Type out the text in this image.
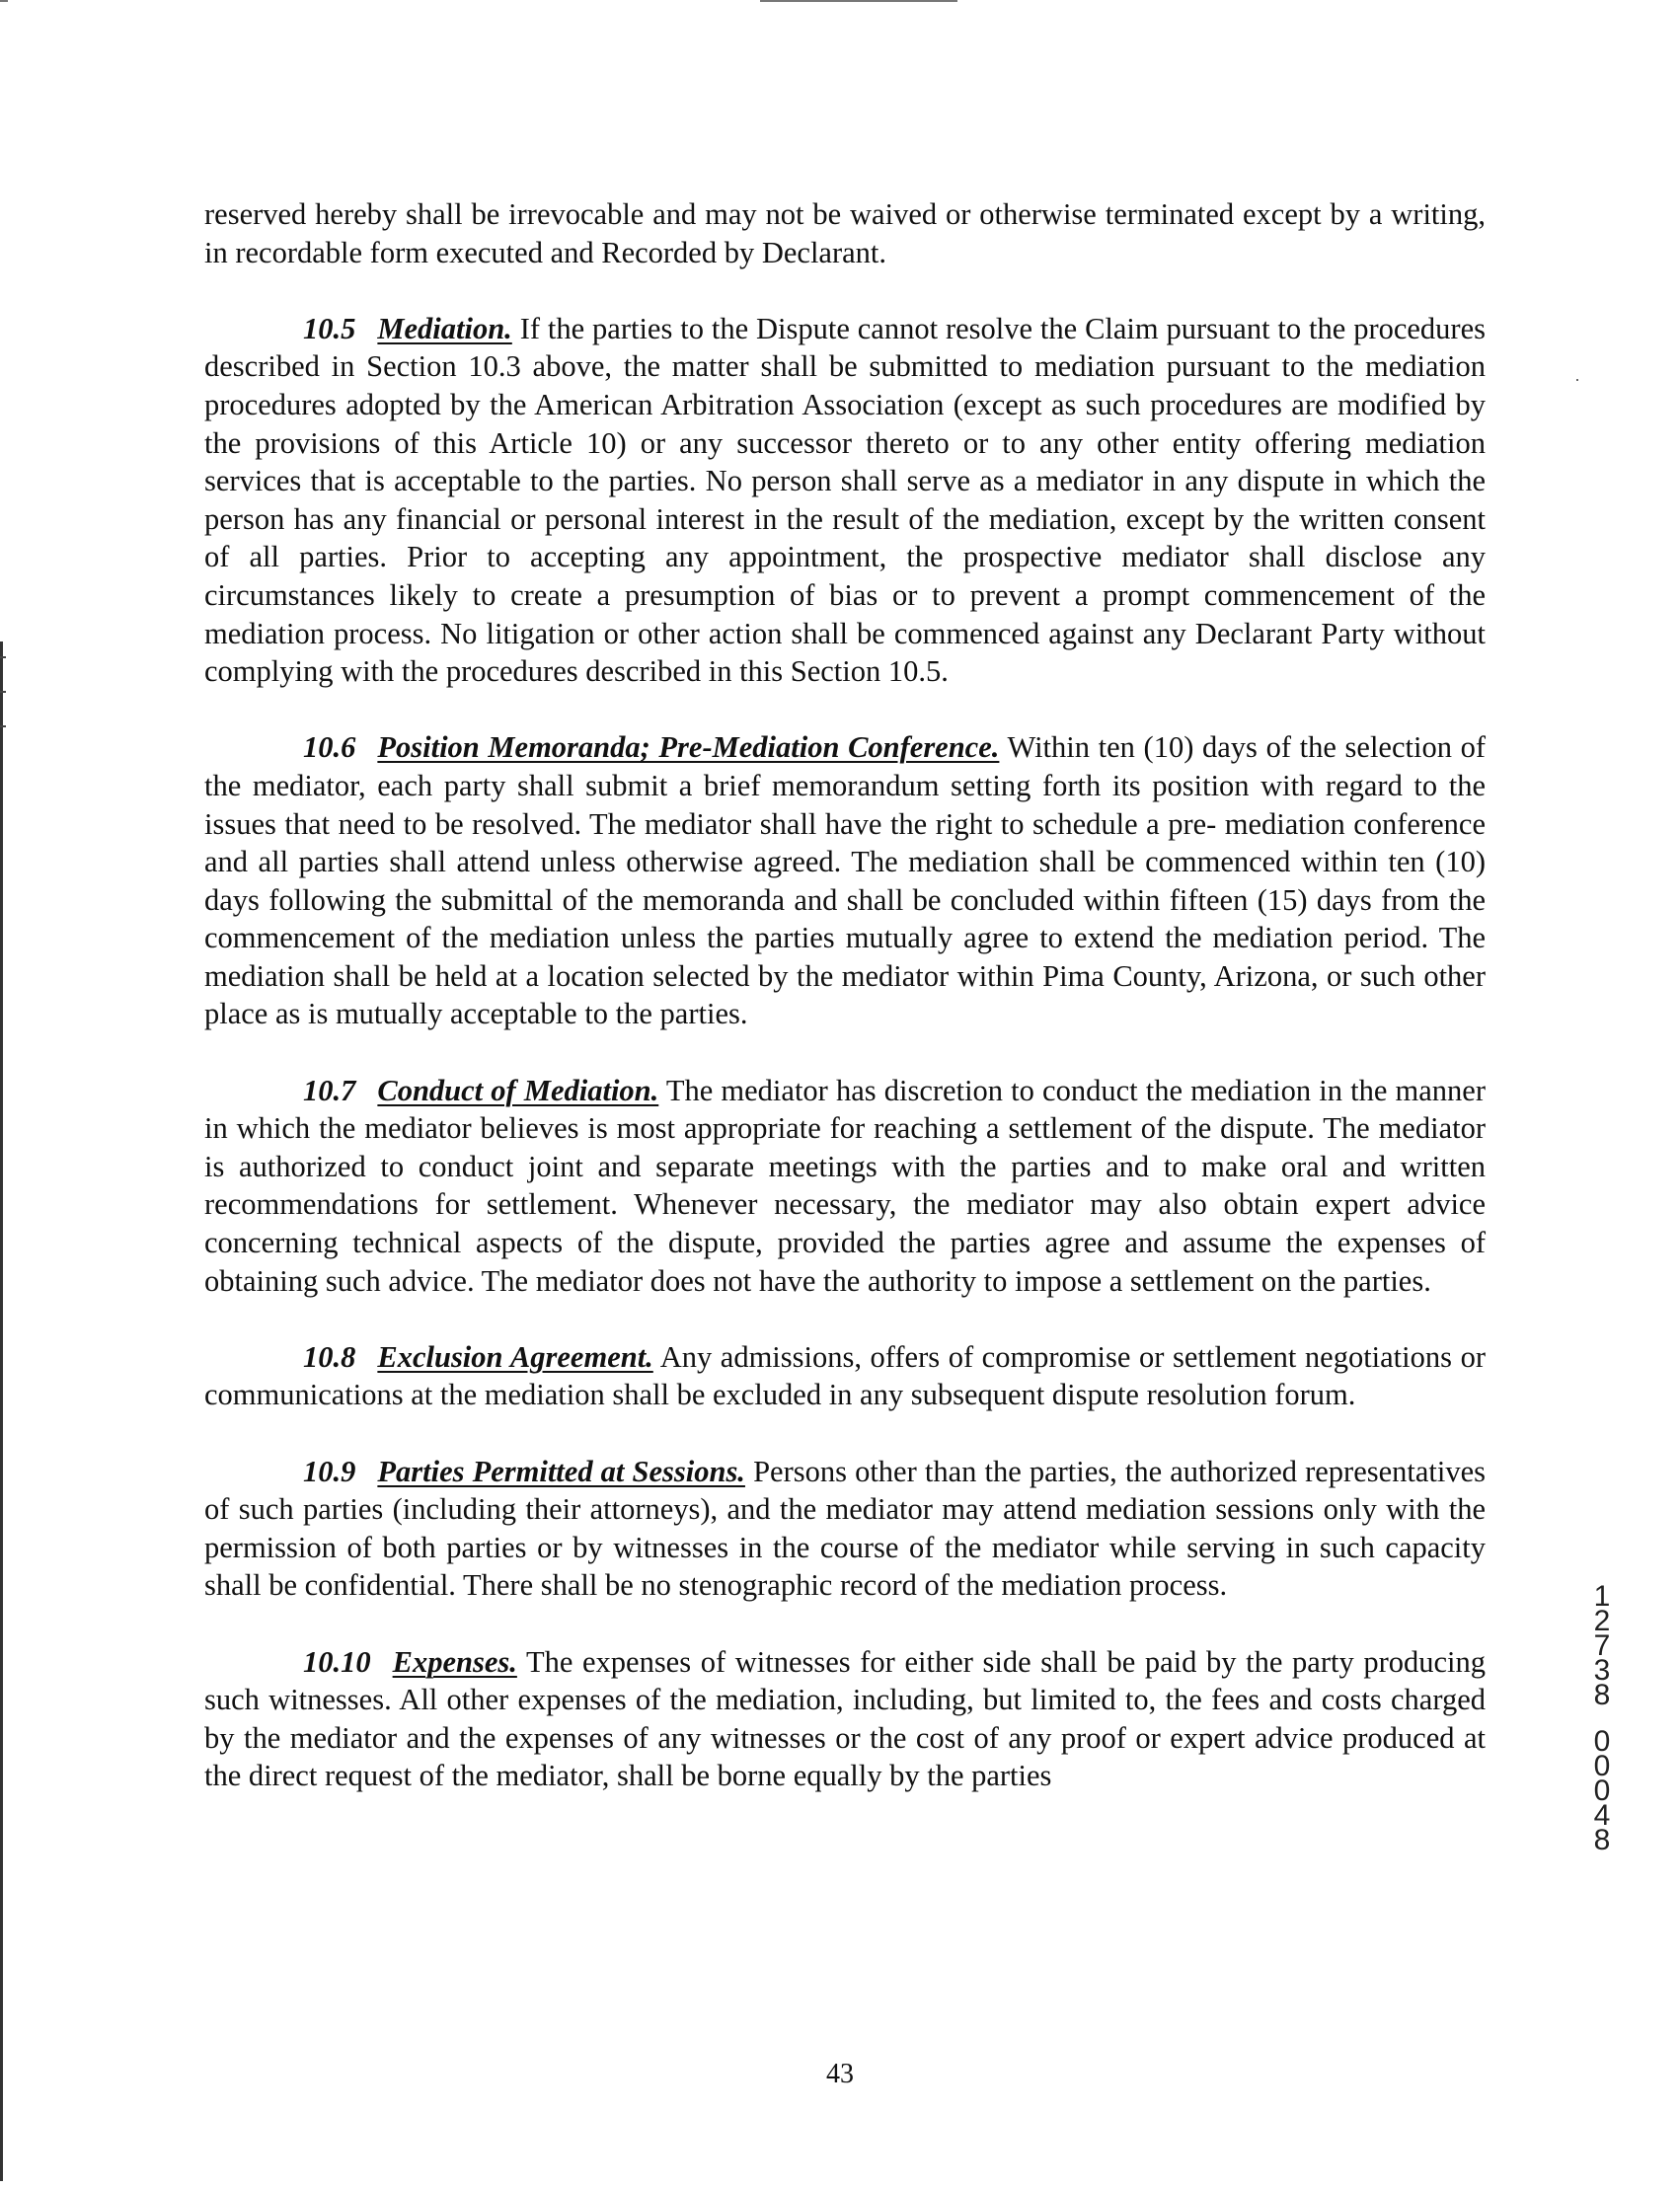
reserved hereby shall be irrevocable and may not be waived or otherwise terminated except by a writing, in recordable form executed and Recorded by Declarant.

10.5 Mediation. If the parties to the Dispute cannot resolve the Claim pursuant to the procedures described in Section 10.3 above, the matter shall be submitted to mediation pursuant to the mediation procedures adopted by the American Arbitration Association (except as such procedures are modified by the provisions of this Article 10) or any successor thereto or to any other entity offering mediation services that is acceptable to the parties. No person shall serve as a mediator in any dispute in which the person has any financial or personal interest in the result of the mediation, except by the written consent of all parties. Prior to accepting any appointment, the prospective mediator shall disclose any circumstances likely to create a presumption of bias or to prevent a prompt commencement of the mediation process. No litigation or other action shall be commenced against any Declarant Party without complying with the procedures described in this Section 10.5.

10.6 Position Memoranda; Pre-Mediation Conference. Within ten (10) days of the selection of the mediator, each party shall submit a brief memorandum setting forth its position with regard to the issues that need to be resolved. The mediator shall have the right to schedule a pre- mediation conference and all parties shall attend unless otherwise agreed. The mediation shall be commenced within ten (10) days following the submittal of the memoranda and shall be concluded within fifteen (15) days from the commencement of the mediation unless the parties mutually agree to extend the mediation period. The mediation shall be held at a location selected by the mediator within Pima County, Arizona, or such other place as is mutually acceptable to the parties.

10.7 Conduct of Mediation. The mediator has discretion to conduct the mediation in the manner in which the mediator believes is most appropriate for reaching a settlement of the dispute. The mediator is authorized to conduct joint and separate meetings with the parties and to make oral and written recommendations for settlement. Whenever necessary, the mediator may also obtain expert advice concerning technical aspects of the dispute, provided the parties agree and assume the expenses of obtaining such advice. The mediator does not have the authority to impose a settlement on the parties.

10.8 Exclusion Agreement. Any admissions, offers of compromise or settlement negotiations or communications at the mediation shall be excluded in any subsequent dispute resolution forum.

10.9 Parties Permitted at Sessions. Persons other than the parties, the authorized representatives of such parties (including their attorneys), and the mediator may attend mediation sessions only with the permission of both parties or by witnesses in the course of the mediator while serving in such capacity shall be confidential. There shall be no stenographic record of the mediation process.

10.10 Expenses. The expenses of witnesses for either side shall be paid by the party producing such witnesses. All other expenses of the mediation, including, but limited to, the fees and costs charged by the mediator and the expenses of any witnesses or the cost of any proof or expert advice produced at the direct request of the mediator, shall be borne equally by the parties

1
2
7
3
8
0
0
0
4
8
43
